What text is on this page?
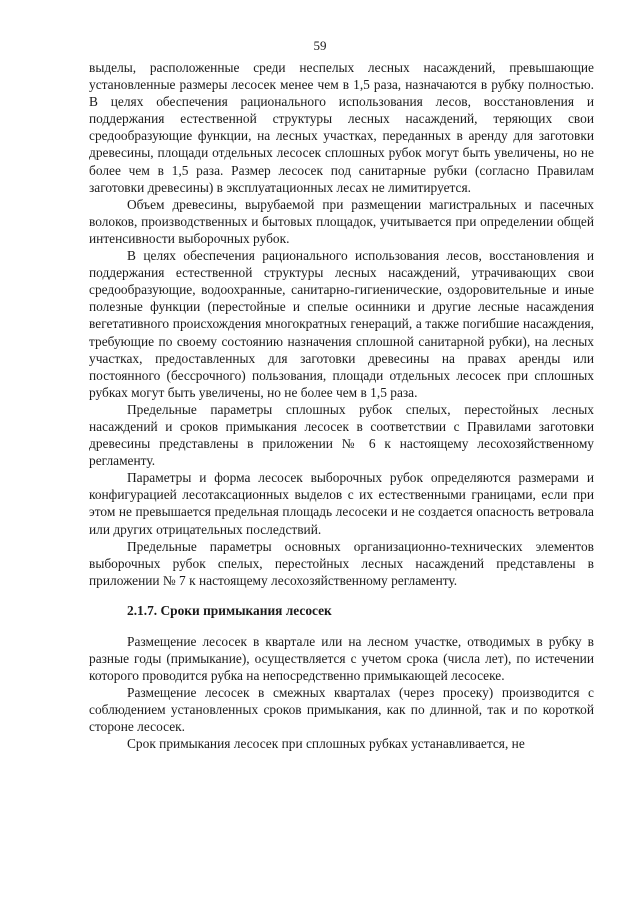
59

выделы, расположенные среди неспелых лесных насаждений, превышающие установленные размеры лесосек менее чем в 1,5 раза, назначаются в рубку полностью. В целях обеспечения рационального использования лесов, восстановления и поддержания естественной структуры лесных насаждений, теряющих свои средообразующие функции, на лесных участках, переданных в аренду для заготовки древесины, площади отдельных лесосек сплошных рубок могут быть увеличены, но не более чем в 1,5 раза. Размер лесосек под санитарные рубки (согласно Правилам заготовки древесины) в эксплуатационных лесах не лимитируется.

Объем древесины, вырубаемой при размещении магистральных и пасечных волоков, производственных и бытовых площадок, учитывается при определении общей интенсивности выборочных рубок.

В целях обеспечения рационального использования лесов, восстановления и поддержания естественной структуры лесных насаждений, утрачивающих свои средообразующие, водоохранные, санитарно-гигиенические, оздоровительные и иные полезные функции (перестойные и спелые осинники и другие лесные насаждения вегетативного происхождения многократных генераций, а также погибшие насаждения, требующие по своему состоянию назначения сплошной санитарной рубки), на лесных участках, предоставленных для заготовки древесины на правах аренды или постоянного (бессрочного) пользования, площади отдельных лесосек при сплошных рубках могут быть увеличены, но не более чем в 1,5 раза.

Предельные параметры сплошных рубок спелых, перестойных лесных насаждений и сроков примыкания лесосек в соответствии с Правилами заготовки древесины представлены в приложении № 6 к настоящему лесохозяйственному регламенту.

Параметры и форма лесосек выборочных рубок определяются размерами и конфигурацией лесотаксационных выделов с их естественными границами, если при этом не превышается предельная площадь лесосеки и не создается опасность ветровала или других отрицательных последствий.

Предельные параметры основных организационно-технических элементов выборочных рубок спелых, перестойных лесных насаждений представлены в приложении № 7 к настоящему лесохозяйственному регламенту.

2.1.7. Сроки примыкания лесосек

Размещение лесосек в квартале или на лесном участке, отводимых в рубку в разные годы (примыкание), осуществляется с учетом срока (числа лет), по истечении которого проводится рубка на непосредственно примыкающей лесосеке.

Размещение лесосек в смежных кварталах (через просеку) производится с соблюдением установленных сроков примыкания, как по длинной, так и по короткой стороне лесосек.

Срок примыкания лесосек при сплошных рубках устанавливается, не
